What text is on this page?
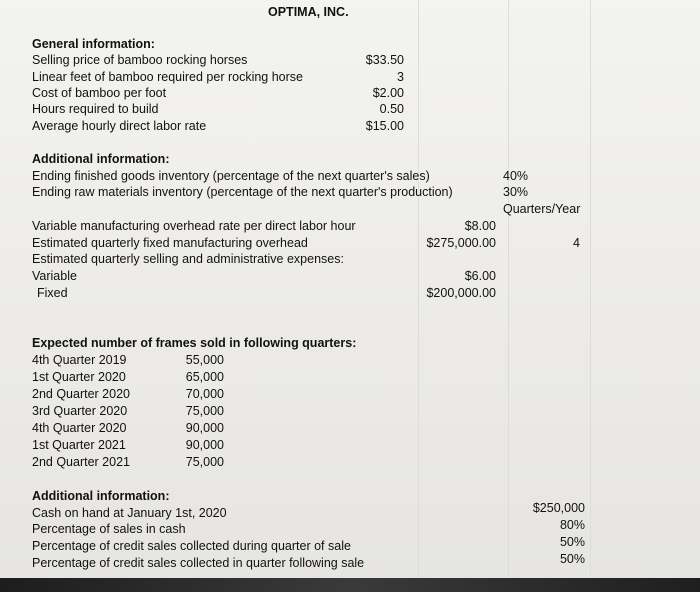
OPTIMA, INC.
General information:
Selling price of bamboo rocking horses	$33.50
Linear feet of bamboo required per rocking horse	3
Cost of bamboo per foot	$2.00
Hours required to build	0.50
Average hourly direct labor rate	$15.00
Additional information:
Ending finished goods inventory (percentage of the next quarter's sales)	40%
Ending raw materials inventory (percentage of the next quarter's production)	30%
Quarters/Year
Variable manufacturing overhead rate per direct labor hour	$8.00
Estimated quarterly fixed manufacturing overhead	$275,000.00	4
Estimated quarterly selling and administrative expenses:
Variable	$6.00
Fixed	$200,000.00
Expected number of frames sold in following quarters:
4th Quarter 2019	55,000
1st Quarter 2020	65,000
2nd Quarter 2020	70,000
3rd Quarter 2020	75,000
4th Quarter 2020	90,000
1st Quarter 2021	90,000
2nd Quarter 2021	75,000
Additional information:
Cash on hand at January 1st, 2020	$250,000
Percentage of sales in cash	80%
Percentage of credit sales collected during quarter of sale	50%
Percentage of credit sales collected in quarter following sale	50%
